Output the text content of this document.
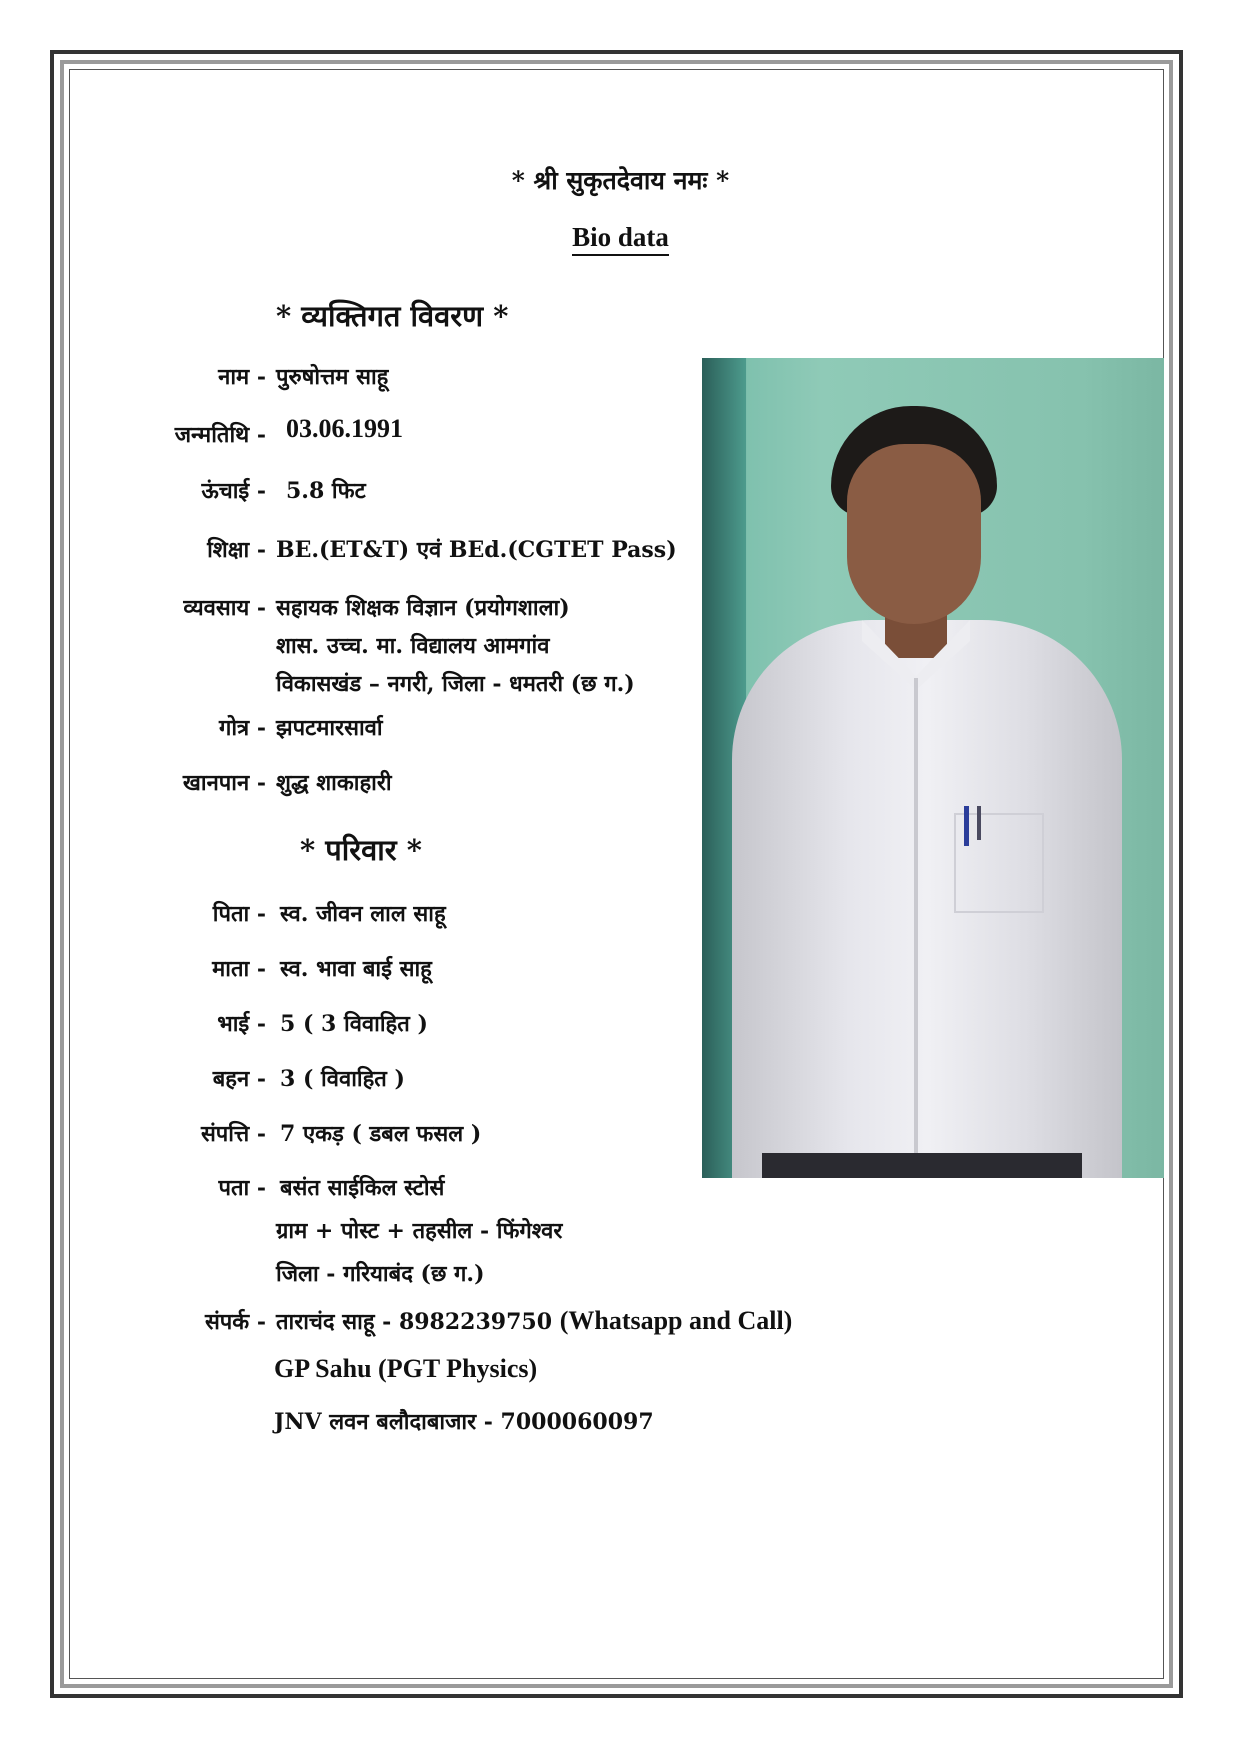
* श्री सुकृतदेवाय नमः *
Bio data
* व्यक्तिगत विवरण *
नाम - पुरुषोत्तम साहू
जन्मतिथि - 03.06.1991
ऊंचाई - 5.8 फिट
शिक्षा - BE.(ET&T) एवं BEd.(CGTET Pass)
व्यवसाय - सहायक शिक्षक विज्ञान (प्रयोगशाला)
शास. उच्च. मा. विद्यालय आमगांव
विकासखंड – नगरी, जिला - धमतरी (छ ग.)
गोत्र - झपटमारसार्वा
खानपान - शुद्ध शाकाहारी
* परिवार *
पिता - स्व. जीवन लाल साहू
माता - स्व. भावा बाई साहू
भाई - 5 ( 3 विवाहित )
बहन - 3 ( विवाहित )
संपत्ति - 7 एकड़ ( डबल फसल )
पता - बसंत साईकिल स्टोर्स
ग्राम + पोस्ट + तहसील - फिंगेश्वर
जिला - गरियाबंद (छ ग.)
संपर्क - ताराचंद साहू - 8982239750 (Whatsapp and Call)
GP Sahu (PGT Physics)
JNV लवन बलौदाबाजार - 7000060097
